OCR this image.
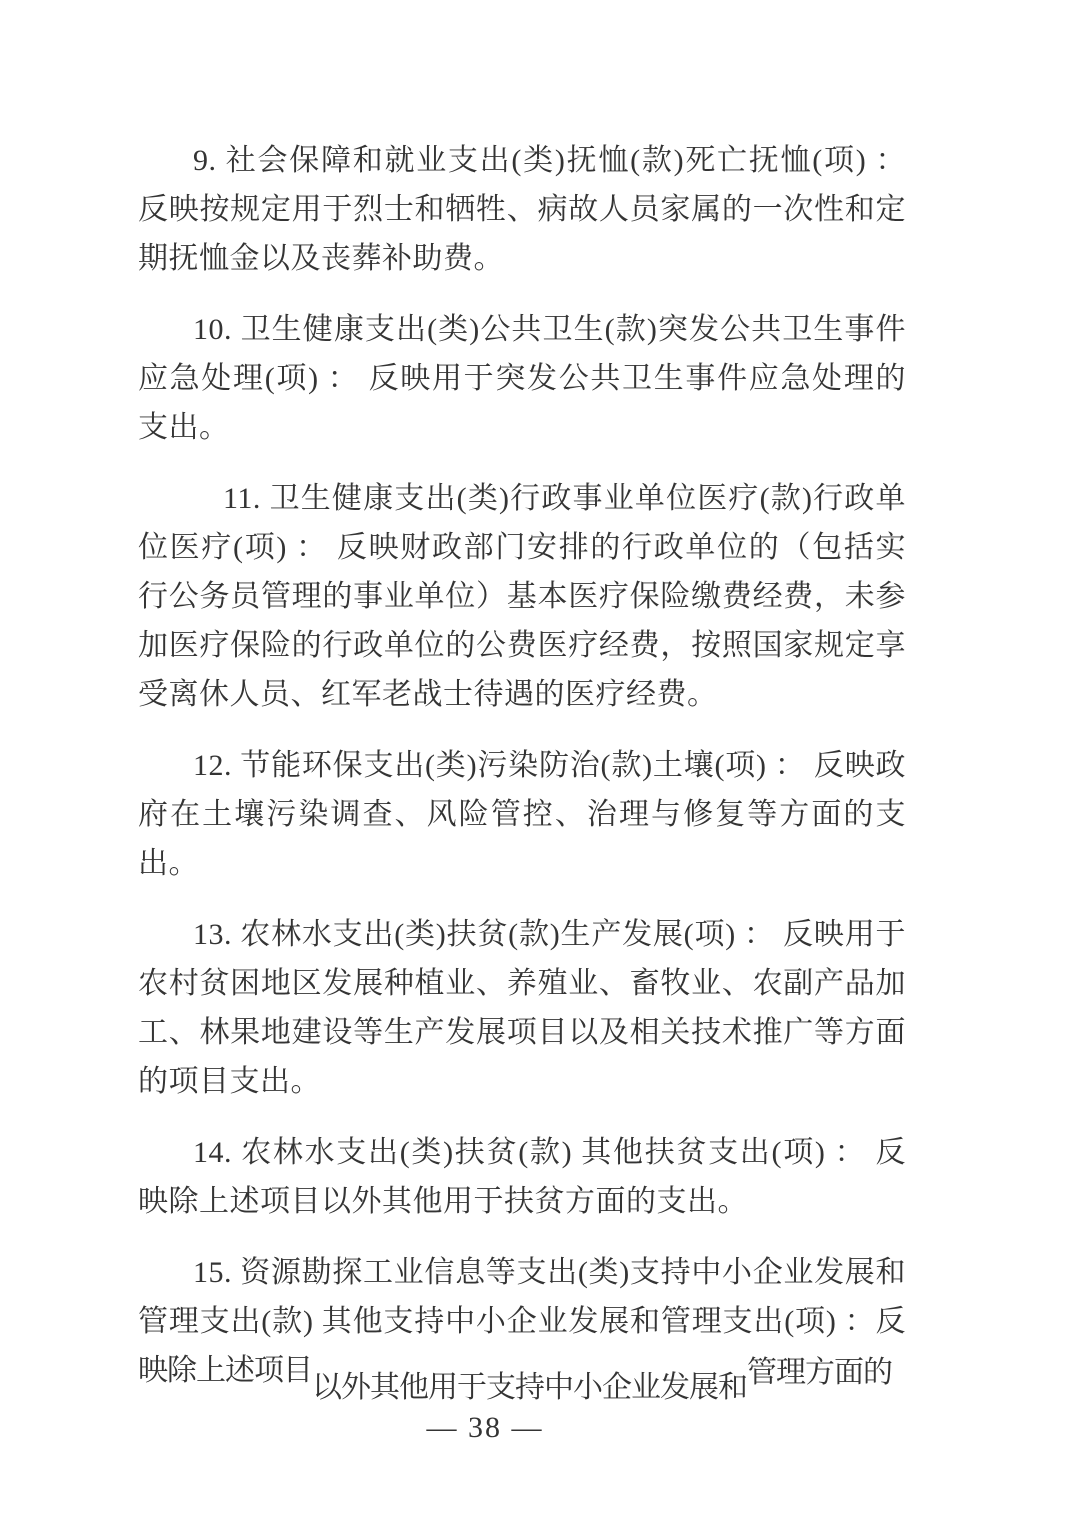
9. 社会保障和就业支出(类)抚恤(款)死亡抚恤(项) ： 反映按规定用于烈士和牺牲、病故人员家属的一次性和定期抚恤金以及丧葬补助费。

10. 卫生健康支出(类)公共卫生(款)突发公共卫生事件应急处理(项) ： 反映用于突发公共卫生事件应急处理的支出。

11. 卫生健康支出(类)行政事业单位医疗(款)行政单位医疗(项) ： 反映财政部门安排的行政单位的（包括实行公务员管理的事业单位）基本医疗保险缴费经费，未参加医疗保险的行政单位的公费医疗经费，按照国家规定享受离休人员、红军老战士待遇的医疗经费。

12. 节能环保支出(类)污染防治(款)土壤(项) ： 反映政府在土壤污染调查、风险管控、治理与修复等方面的支出。

13. 农林水支出(类)扶贫(款)生产发展(项) ： 反映用于农村贫困地区发展种植业、养殖业、畜牧业、农副产品加工、林果地建设等生产发展项目以及相关技术推广等方面的项目支出。

14. 农林水支出(类)扶贫(款) 其他扶贫支出(项) ： 反映除上述项目以外其他用于扶贫方面的支出。

15. 资源勘探工业信息等支出(类)支持中小企业发展和
管理支出(款) 其他支持中小企业发展和管理支出(项) ：反
映除上述项目以外其他用于支持中小企业发展和管理方面的
— 38 —
